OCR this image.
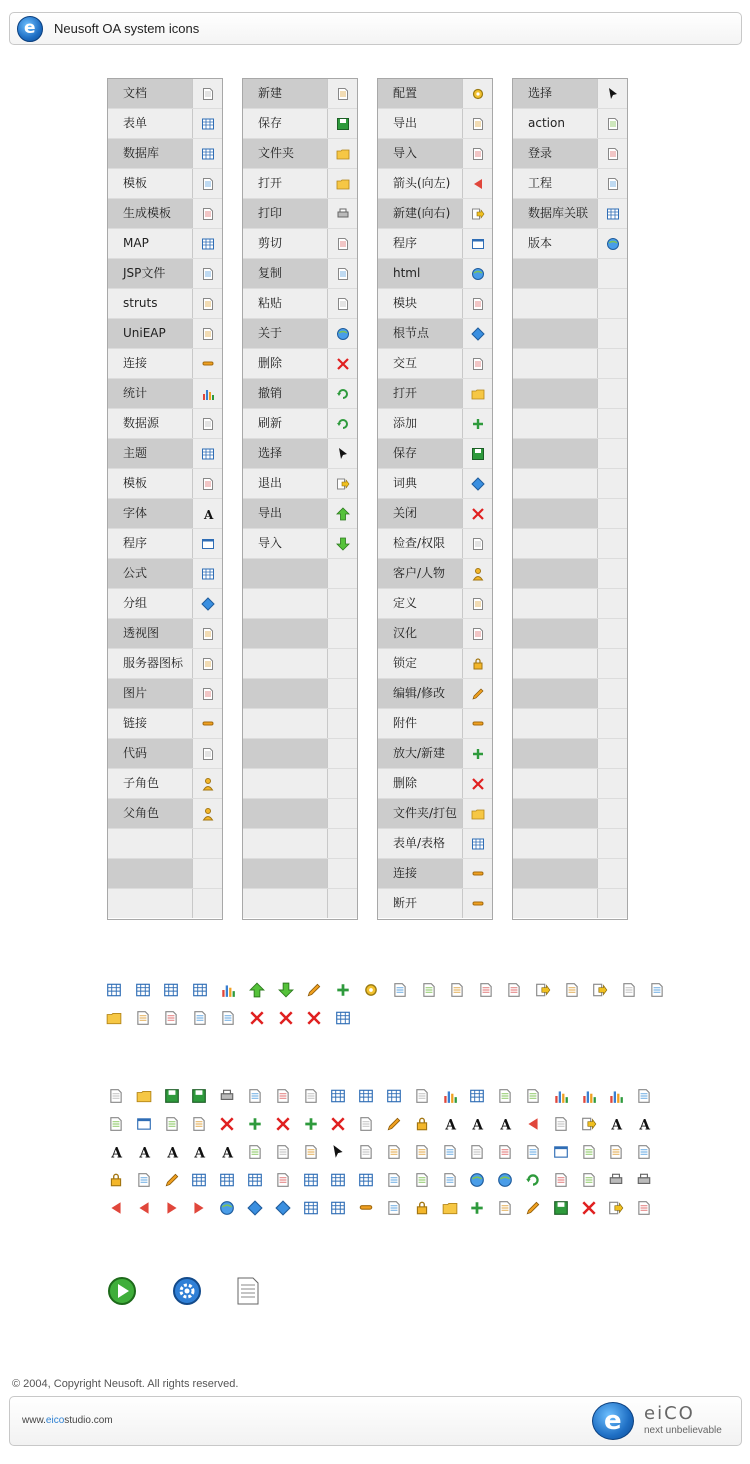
e
Neusoft OA system icons
文档
表单
数据库
模板
生成模板
MAP
JSP文件
struts
UniEAP
连接
统计
数据源
主题
模板
字体	A
程序
公式
分组
透视图
服务器图标
图片
链接
代码
子角色
父角色
新建
保存
文件夹
打开
打印
剪切
复制
粘贴
关于
删除
撤销
刷新
选择
退出
导出
导入
配置
导出
导入
箭头(向左)
新建(向右)
程序
html
模块
根节点
交互
打开
添加
保存
词典
关闭
检查/权限
客户/人物
定义
汉化
锁定
编辑/修改
附件
放大/新建
删除
文件夹/打包
表单/表格
连接
断开
选择
action
登录
工程
数据库关联
版本
A A A	A A
A A A A A
© 2004, Copyright Neusoft. All rights reserved.
www.eicostudio.com e	eiCO
next unbelievable
